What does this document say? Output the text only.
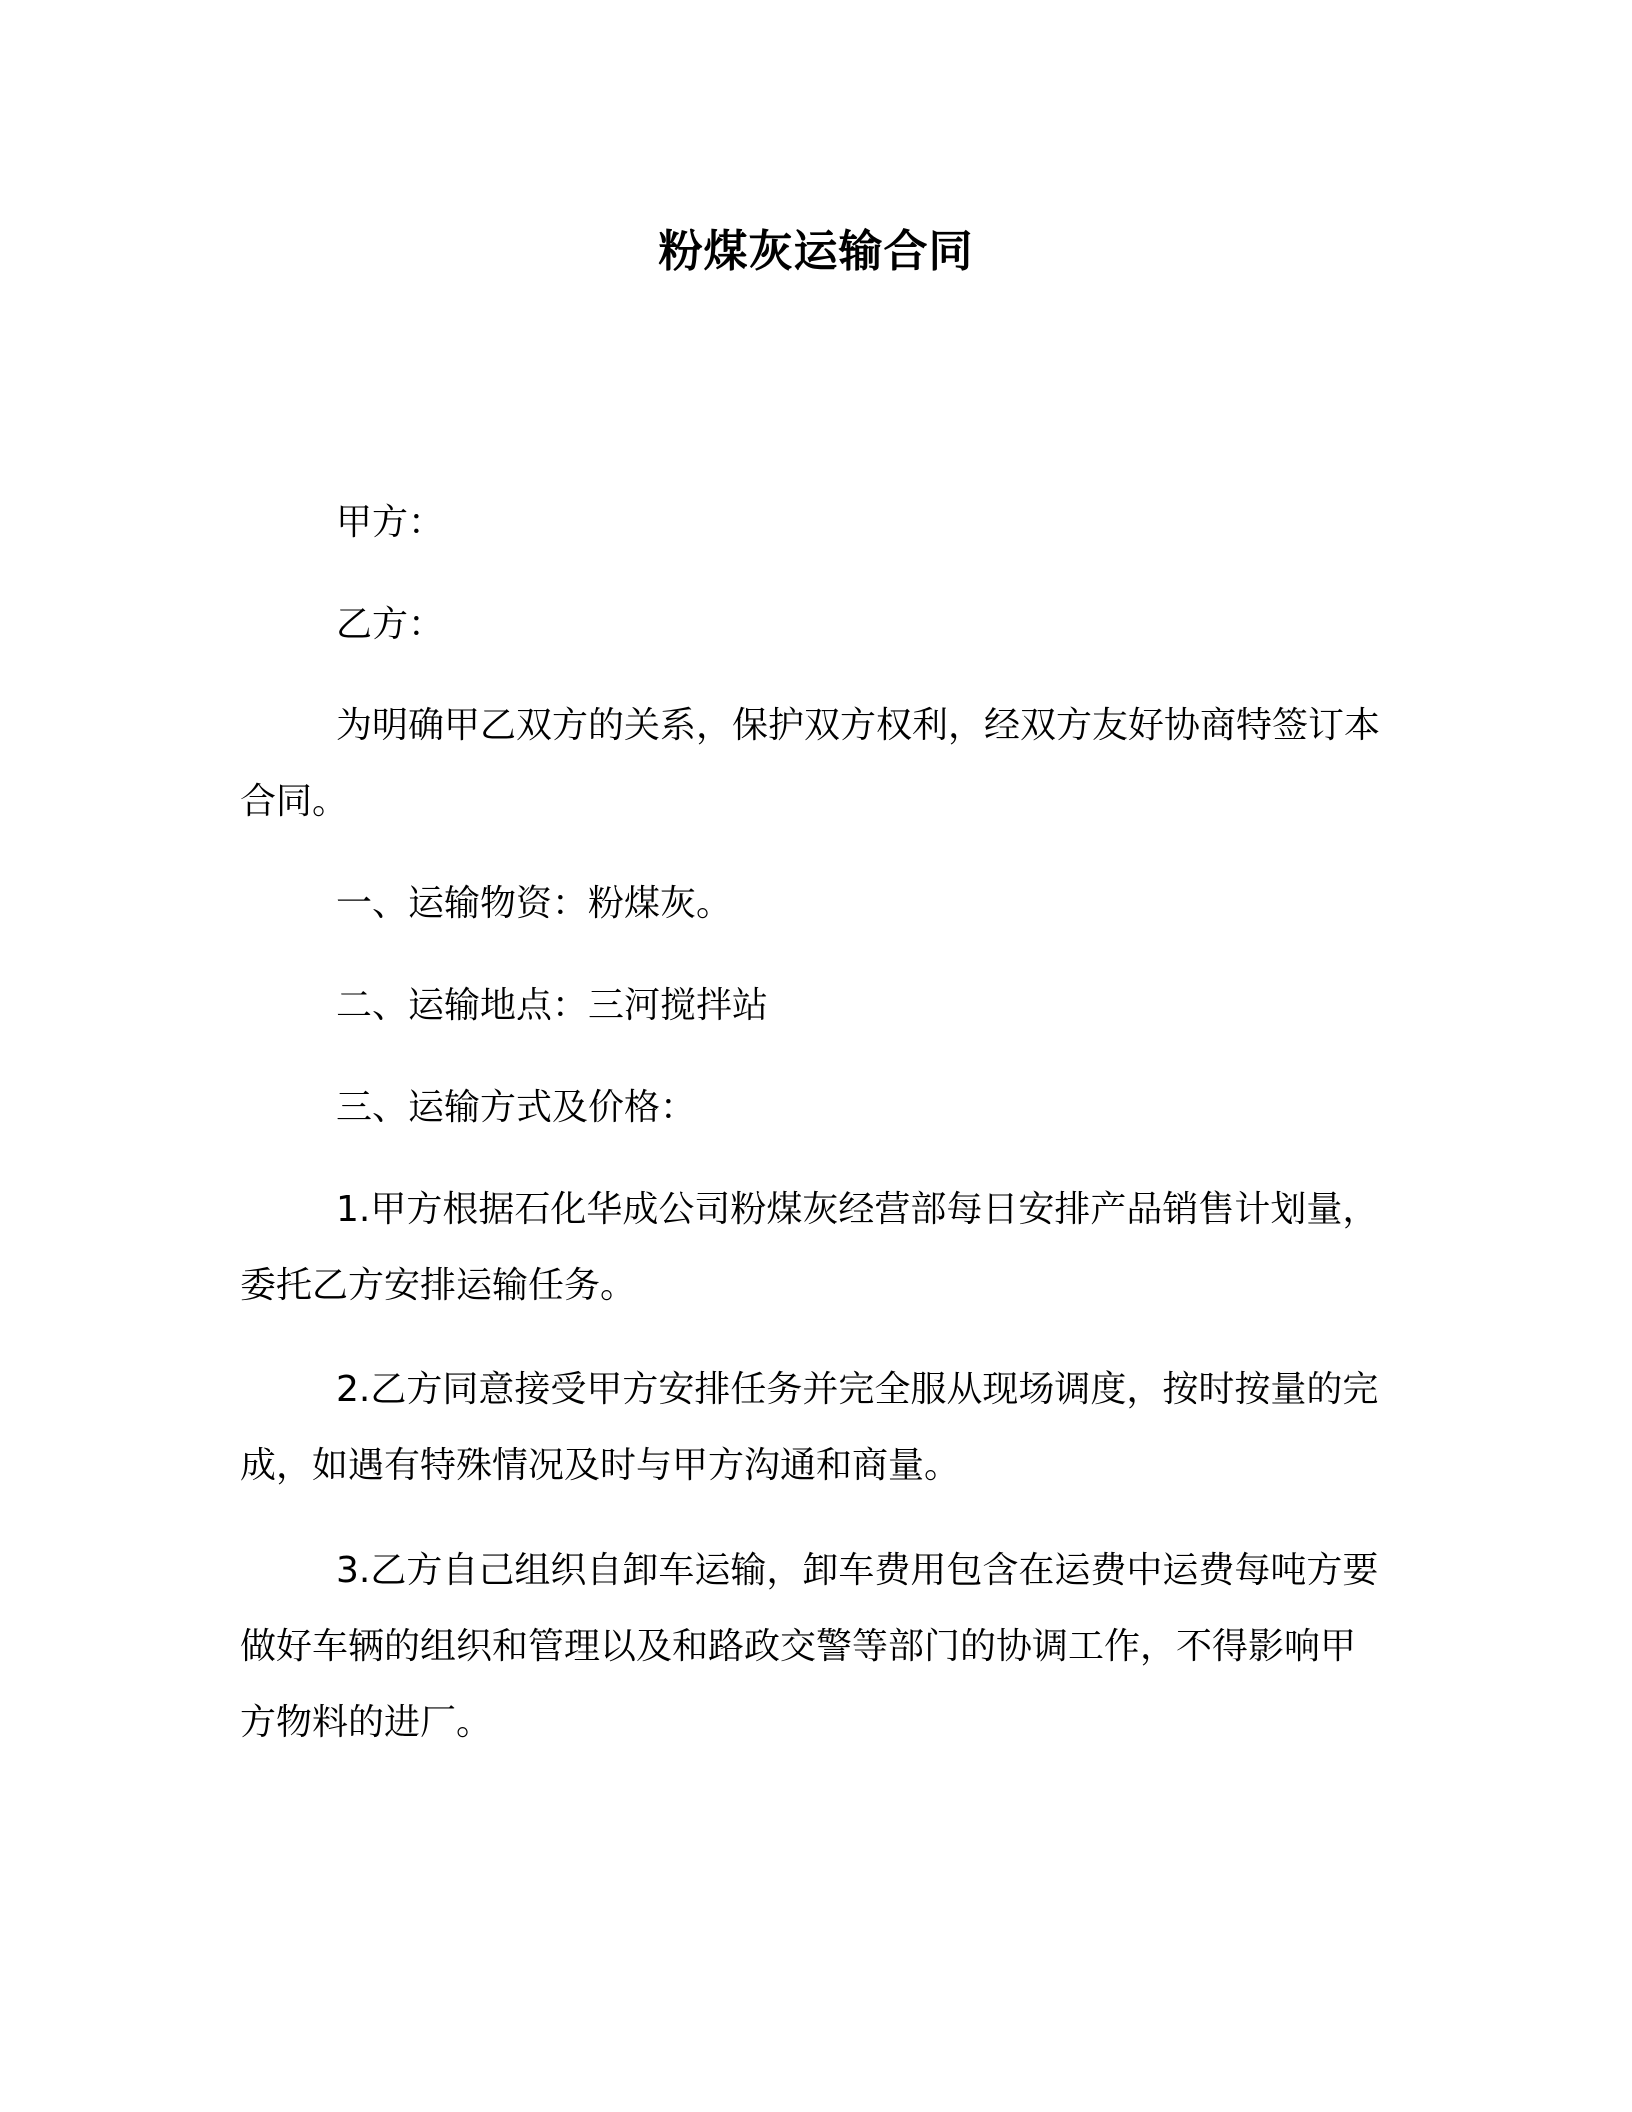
粉煤灰运输合同

甲方：

乙方：

为明确甲乙双方的关系，保护双方权利，经双方友好协商特签订本合同。

一、运输物资：粉煤灰。

二、运输地点：三河搅拌站

三、运输方式及价格：

1.甲方根据石化华成公司粉煤灰经营部每日安排产品销售计划量，委托乙方安排运输任务。

2.乙方同意接受甲方安排任务并完全服从现场调度，按时按量的完成，如遇有特殊情况及时与甲方沟通和商量。

3.乙方自己组织自卸车运输，卸车费用包含在运费中运费每吨方要做好车辆的组织和管理以及和路政交警等部门的协调工作，不得影响甲方物料的进厂。
